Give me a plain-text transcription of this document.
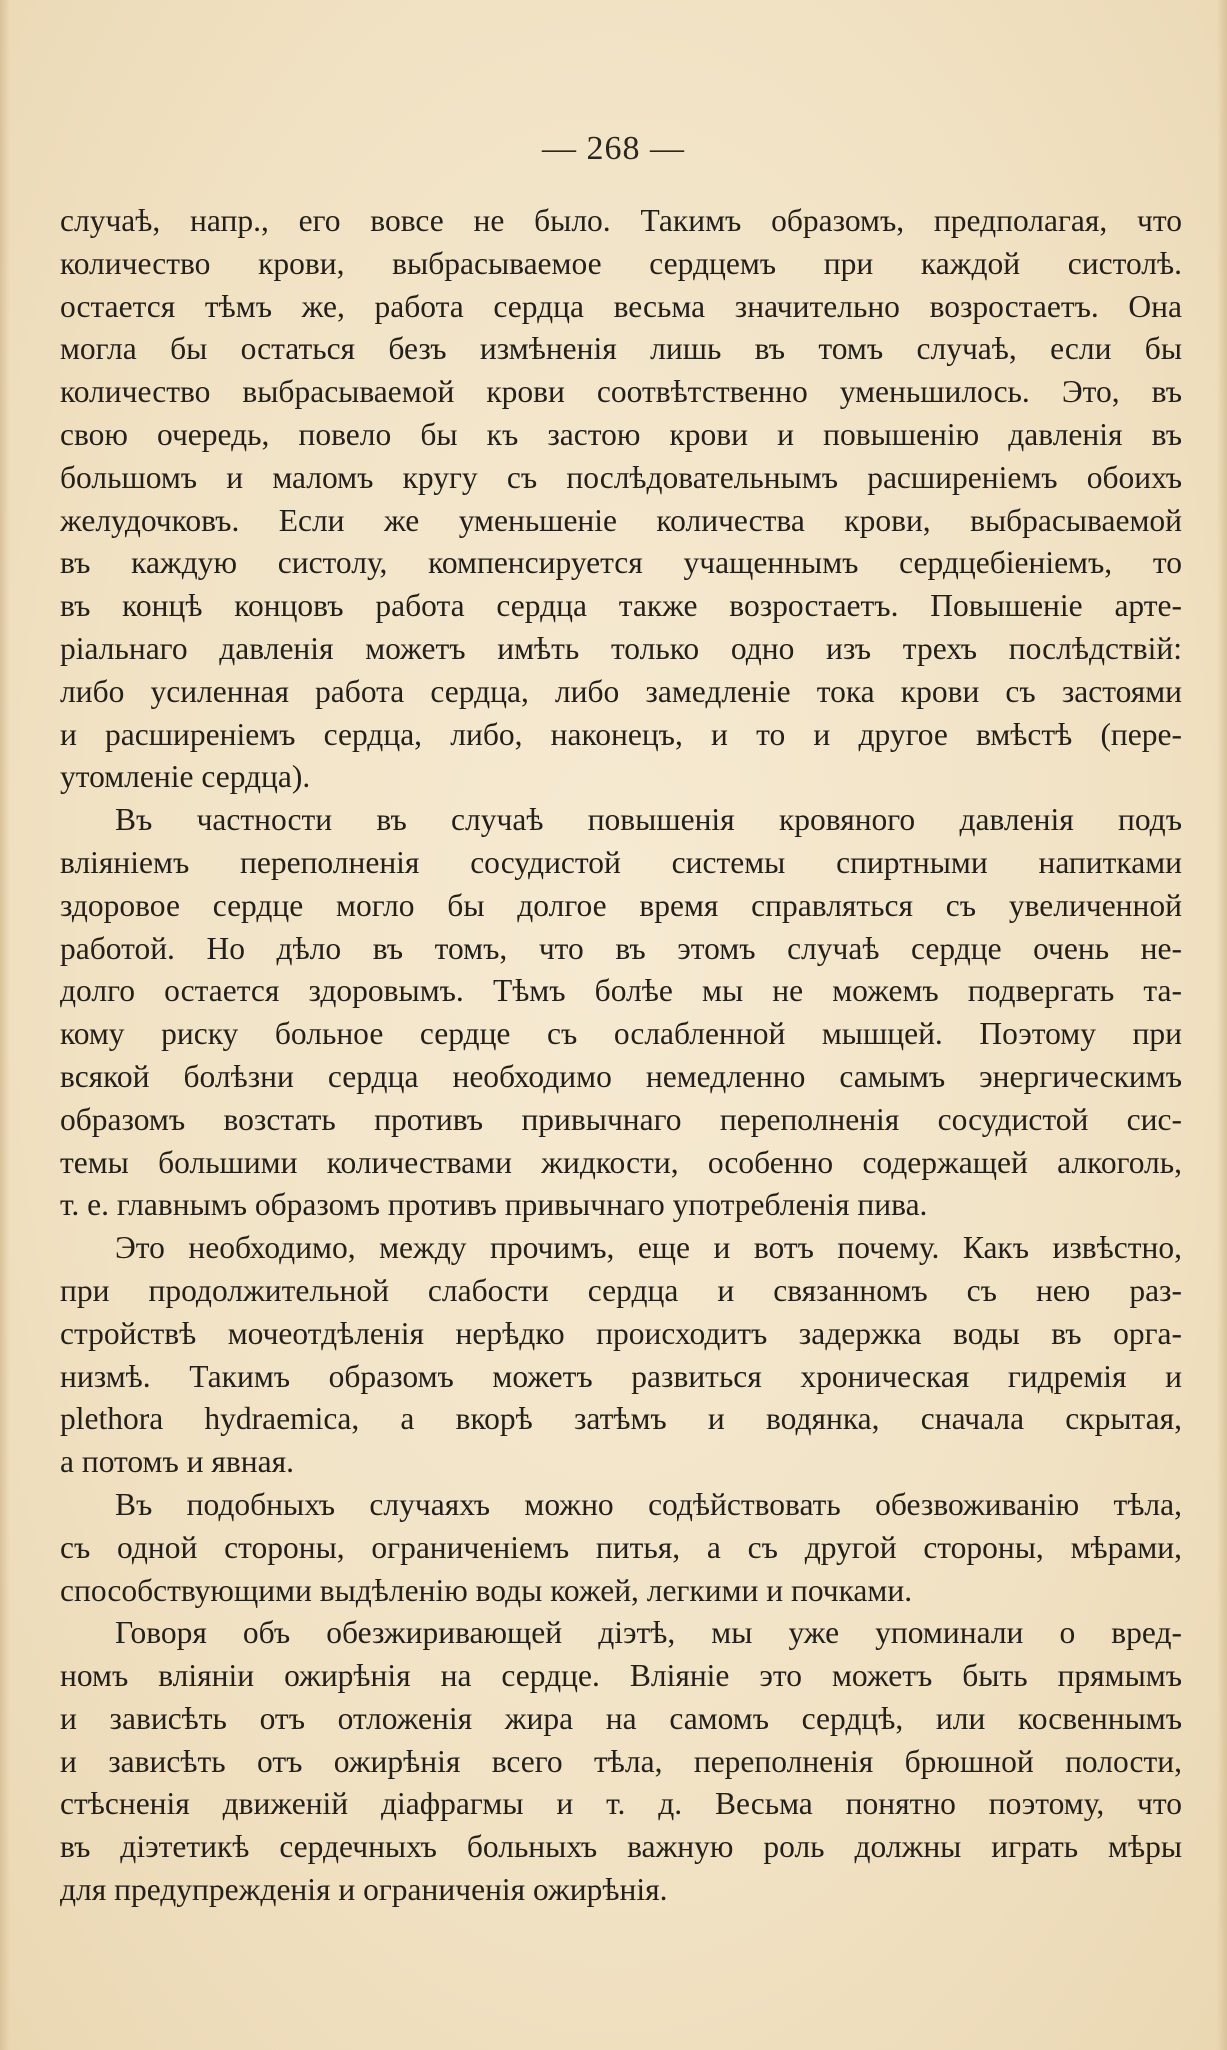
— 268 —
случаѣ, напр., его вовсе не было. Такимъ образомъ, предполагая, что
количество крови, выбрасываемое сердцемъ при каждой систолѣ.
остается тѣмъ же, работа сердца весьма значительно возростаетъ. Она
могла бы остаться безъ измѣненія лишь въ томъ случаѣ, если бы
количество выбрасываемой крови соотвѣтственно уменьшилось. Это, въ
свою очередь, повело бы къ застою крови и повышенію давленія въ
большомъ и маломъ кругу съ послѣдовательнымъ расширеніемъ обоихъ
желудочковъ. Если же уменьшеніе количества крови, выбрасываемой
въ каждую систолу, компенсируется учащеннымъ сердцебіеніемъ, то
въ концѣ концовъ работа сердца также возростаетъ. Повышеніе арте-
ріальнаго давленія можетъ имѣть только одно изъ трехъ послѣдствій:
либо усиленная работа сердца, либо замедленіе тока крови съ застоями
и расширеніемъ сердца, либо, наконецъ, и то и другое вмѣстѣ (пере-
утомленіе сердца).
Въ частности въ случаѣ повышенія кровяного давленія подъ
вліяніемъ переполненія сосудистой системы спиртными напитками
здоровое сердце могло бы долгое время справляться съ увеличенной
работой. Но дѣло въ томъ, что въ этомъ случаѣ сердце очень не-
долго остается здоровымъ. Тѣмъ болѣе мы не можемъ подвергать та-
кому риску больное сердце съ ослабленной мышцей. Поэтому при
всякой болѣзни сердца необходимо немедленно самымъ энергическимъ
образомъ возстать противъ привычнаго переполненія сосудистой сис-
темы большими количествами жидкости, особенно содержащей алкоголь,
т. е. главнымъ образомъ противъ привычнаго употребленія пива.
Это необходимо, между прочимъ, еще и вотъ почему. Какъ извѣстно,
при продолжительной слабости сердца и связанномъ съ нею раз-
стройствѣ мочеотдѣленія нерѣдко происходитъ задержка воды въ орга-
низмѣ. Такимъ образомъ можетъ развиться хроническая гидремія и
plethora hydraemica, а вкорѣ затѣмъ и водянка, сначала скрытая,
а потомъ и явная.
Въ подобныхъ случаяхъ можно содѣйствовать обезвоживанію тѣла,
съ одной стороны, ограниченіемъ питья, а съ другой стороны, мѣрами,
способствующими выдѣленію воды кожей, легкими и почками.
Говоря объ обезжиривающей діэтѣ, мы уже упоминали о вред-
номъ вліяніи ожирѣнія на сердце. Вліяніе это можетъ быть прямымъ
и зависѣть отъ отложенія жира на самомъ сердцѣ, или косвеннымъ
и зависѣть отъ ожирѣнія всего тѣла, переполненія брюшной полости,
стѣсненія движеній діафрагмы и т. д. Весьма понятно поэтому, что
въ діэтетикѣ сердечныхъ больныхъ важную роль должны играть мѣры
для предупрежденія и ограниченія ожирѣнія.
